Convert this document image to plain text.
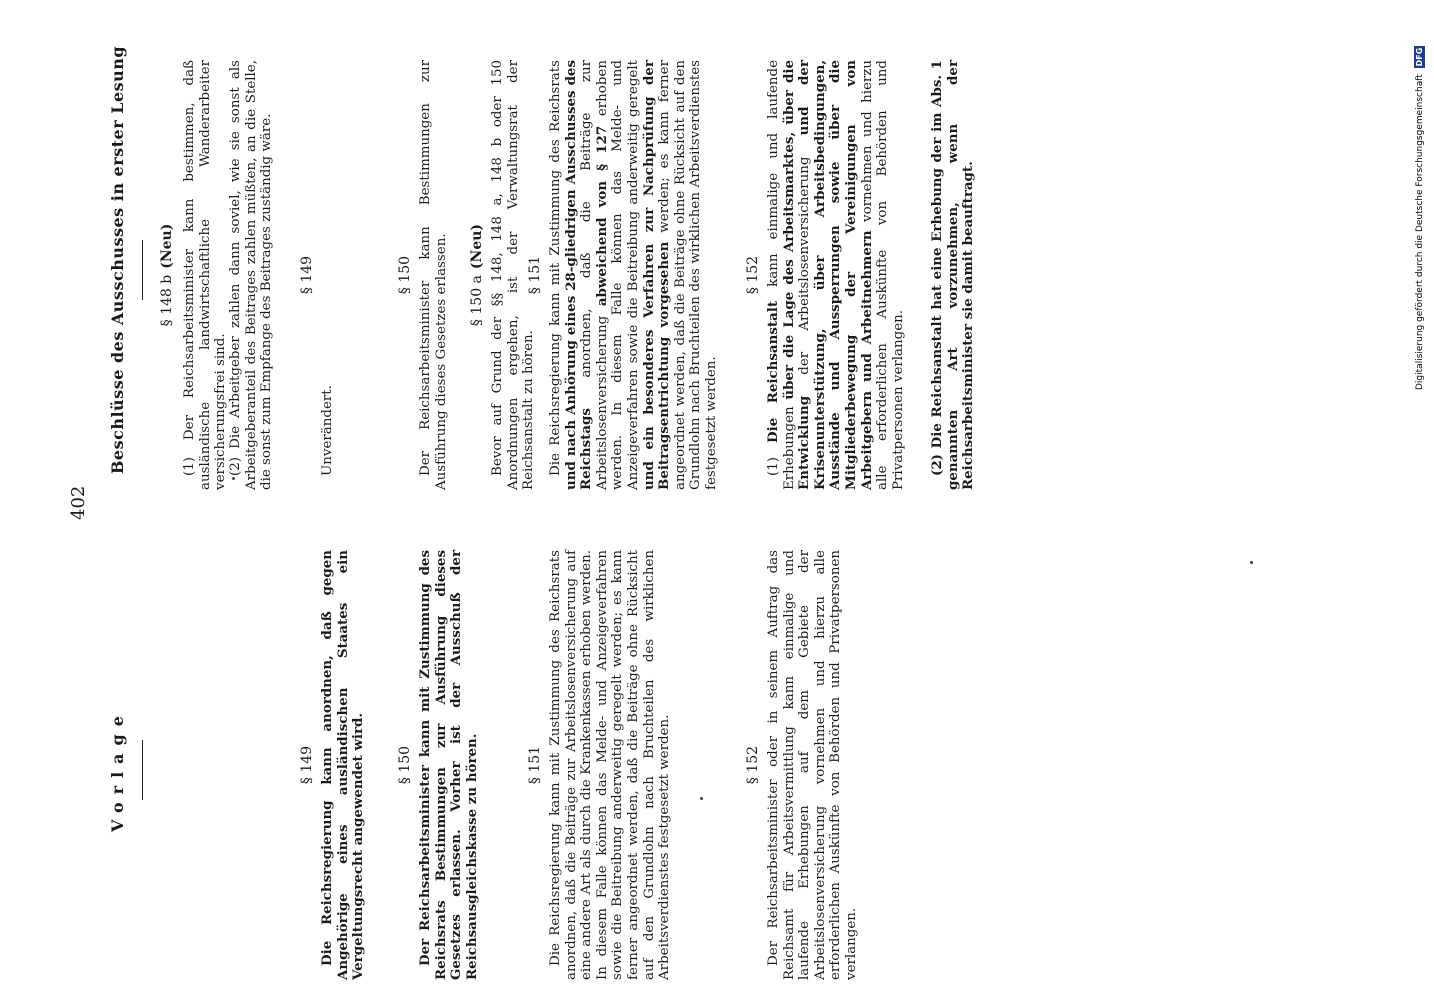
402
Vorlage
Beschlüsse des Ausschusses in erster Lesung
§ 149 Die Reichsregierung kann anordnen, daß gegen Angehörige eines ausländischen Staates ein Vergeltungsrecht angewendet wird. § 150 Der Reichsarbeitsminister kann mit Zustimmung des Reichsrats Bestimmungen zur Ausführung dieses Gesetzes erlassen. Vorher ist der Ausschuß der Reichsausgleichskasse zu hören.	§ 151 Die Reichsregierung kann mit Zustimmung des Reichsrats anordnen, daß die Beiträge zur Arbeitslosenversicherung auf eine andere Art als durch die Krankenkassen erhoben werden. In diesem Falle können das Melde- und Anzeigeverfahren sowie die Beitreibung anderweitig geregelt werden; es kann ferner angeordnet werden, daß die Beiträge ohne Rücksicht auf den Grundlohn nach Bruchteilen des wirklichen Arbeitsverdienstes festgesetzt werden.	§ 152 Der Reichsarbeitsminister oder in seinem Auftrag das Reichsamt für Arbeitsvermittlung kann einmalige und laufende Erhebungen auf dem Gebiete der Arbeitslosenversicherung vornehmen und hierzu alle erforderlichen Auskünfte von Behörden und Privatpersonen verlangen.
§ 148 b(Neu) (1) Der Reichsarbeitsminister kann bestimmen, daß ausländische landwirtschaftliche Wanderarbeiter versicherungsfrei sind. (2) Die Arbeitgeber zahlen dann soviel, wie sie sonst als Arbeitgeberanteil des Beitrages zahlen müßten, an die Stelle, die sonst zum Empfange des Beitrages zuständig wäre. § 149
Unverändert.
§ 150 Der Reichsarbeitsminister kann Bestimmungen zur Ausführung dieses Gesetzes erlassen. § 150 a(Neu) Bevor auf Grund der §§ 148, 148 a, 148 b oder 150 Anordnungen ergehen, ist der Verwaltungsrat der Reichsanstalt zu hören.
§ 151 Die Reichsregierung kann mit Zustimmung des Reichsrats und nach Anhörung eines 28-gliedrigen Ausschusses des Reichstags anordnen, daß die Beiträge zur Arbeitslosenversicherung abweichend von § 127 erhoben werden. In diesem Falle können das Melde- und Anzeigeverfahren sowie die Beitreibung anderweitig geregelt und ein besonderes Verfahren zur Nachprüfung der Beitragsentrichtung vorgesehen werden; es kann ferner angeordnet werden, daß die Beiträge ohne Rücksicht auf den Grundlohn nach Bruchteilen des wirklichen Arbeitsverdienstes festgesetzt werden.
§ 152
(1) Die Reichsanstalt kann einmalige und laufende Erhebungen über die Lage des Arbeitsmarktes, über die Entwicklung der Arbeitslosenversicherung und der Krisenunterstützung, über Arbeitsbedingungen, Ausstände und Aussperrungen sowie über die Mitgliederbewegung der Vereinigungen von Arbeitgebern und Arbeitnehmern vornehmen und hierzu alle erforderlichen Auskünfte von Behörden und Privatpersonen verlangen. (2) Die Reichsanstalt hat eine Erhebung der im Abs. 1 genannten Art vorzunehmen, wenn der Reichsarbeitsminister sie damit beauftragt.	Digitalisierung gefördert durch die Deutsche Forschungsgemeinschaft DFG
